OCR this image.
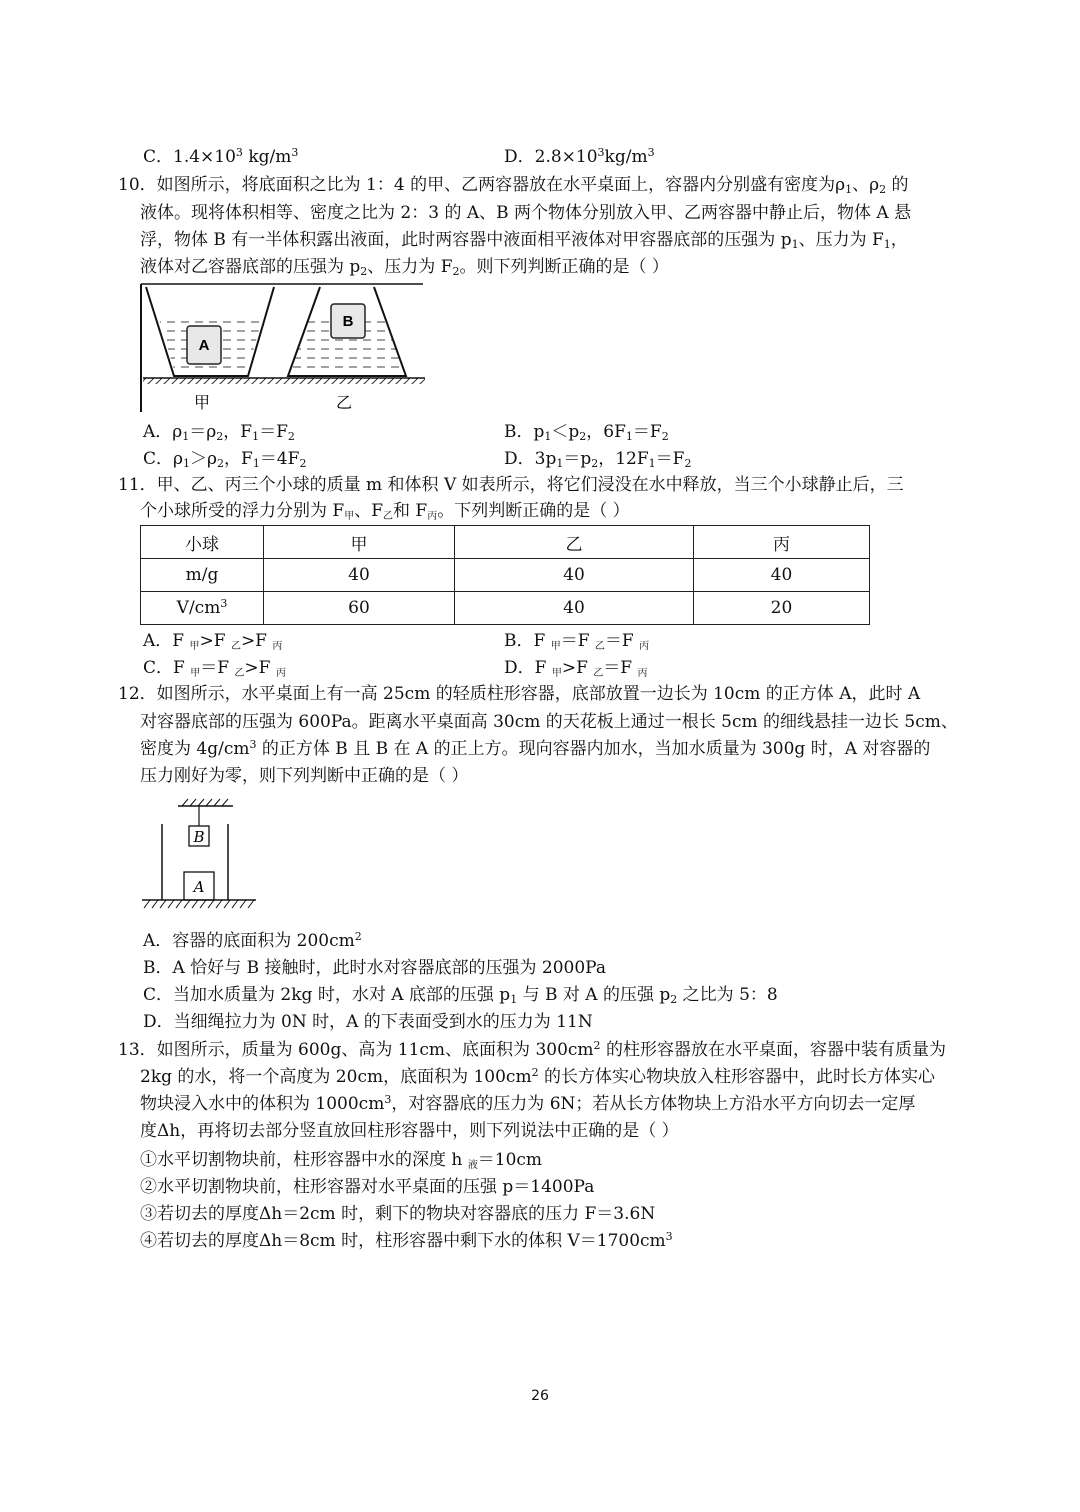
C．$1.4\times 10^3$ $kg/m^3$	D．$2.8\times 10^3kg/m^3$
10．如图所示，将底面积之比为 1：4 的甲、乙两容器放在水平桌面上，容器内分别盛有密度为$\rho_1$、$\rho_2$ 的
液体。现将体积相等、密度之比为 2：3 的 A、B 两个物体分别放入甲、乙两容器中静止后，物体 A 悬
浮，物体 B 有一半体积露出液面，此时两容器中液面相平液体对甲容器底部的压强为 $p_1$、压力为 $F_1$，
液体对乙容器底部的压强为 $p_2$、压力为 $F_2$。则下列判断正确的是（ ）
A
B
甲	乙
A．$\rho_1=\rho_2$，$F_1=F_2$	B．$p_1<p_2$，$6F_1=F_2$
C．$\rho_1>\rho_2$，$F_1=4F_2$	D．$3p_1=p_2$，$12F_1=F_2$
11．甲、乙、丙三个小球的质量 m 和体积 V 如表所示，将它们浸没在水中释放，当三个小球静止后，三
个小球所受的浮力分别为 F甲、F乙和 F丙。下列判断正确的是（ ）
小球	甲	乙	丙
m/g	40	40	40
$V/cm^3$	60	40	20
A．F 甲>F 乙>F 丙	B．F 甲＝F 乙＝F 丙
C．F 甲＝F 乙>F 丙	D．F 甲>F 乙＝F 丙
12．如图所示，水平桌面上有一高 25cm 的轻质柱形容器，底部放置一边长为 10cm 的正方体 A，此时 A
对容器底部的压强为 600Pa。距离水平桌面高 30cm 的天花板上通过一根长 5cm 的细线悬挂一边长 5cm、
密度为 $4g/cm^3$ 的正方体 B 且 B 在 A 的正上方。现向容器内加水，当加水质量为 300g 时，A 对容器的
压力刚好为零，则下列判断中正确的是（ ）
B
A
A．容器的底面积为 $200cm^2$
B．A 恰好与 B 接触时，此时水对容器底部的压强为 2000Pa
C．当加水质量为 2kg 时，水对 A 底部的压强 $p_1$ 与 B 对 A 的压强 $p_2$ 之比为 5：8
D．当细绳拉力为 0N 时，A 的下表面受到水的压力为 11N
13．如图所示，质量为 600g、高为 11cm、底面积为 $300cm^2$ 的柱形容器放在水平桌面，容器中装有质量为
2kg 的水，将一个高度为 20cm，底面积为 $100cm^2$ 的长方体实心物块放入柱形容器中，此时长方体实心
物块浸入水中的体积为 $1000cm^3$，对容器底的压力为 6N；若从长方体物块上方沿水平方向切去一定厚
度Δh，再将切去部分竖直放回柱形容器中，则下列说法中正确的是（ ）
①水平切割物块前，柱形容器中水的深度 h 液＝10cm
②水平切割物块前，柱形容器对水平桌面的压强 p＝1400Pa
③若切去的厚度Δh＝2cm 时，剩下的物块对容器底的压力 F＝3.6N
④若切去的厚度Δh＝8cm 时，柱形容器中剩下水的体积 $V=1700cm^3$
26
